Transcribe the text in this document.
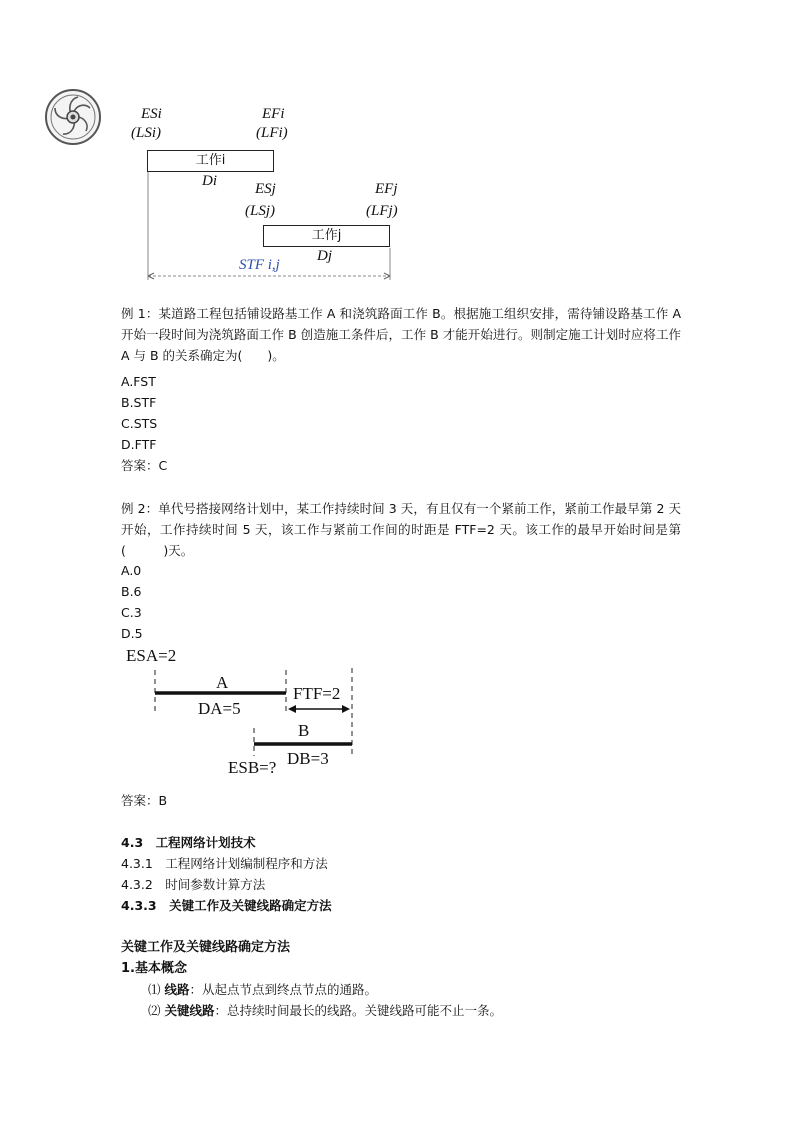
ESi
(LSi)
EFi
(LFi)
工作i
Di	ESj
(LSj)
EFj
(LFj)
工作j
Dj
STF i,j
例 1：某道路工程包括铺设路基工作 A 和浇筑路面工作 B。根据施工组织安排，需待铺设路基工作 A 开始一段时间为浇筑路面工作 B 创造施工条件后，工作 B 才能开始进行。则制定施工计划时应将工作 A 与 B 的关系确定为(　　)。
A.FST
B.STF
C.STS
D.FTF
答案：C
例 2：单代号搭接网络计划中，某工作持续时间 3 天，有且仅有一个紧前工作，紧前工作最早第 2 天开始，工作持续时间 5 天，该工作与紧前工作间的时距是 FTF=2 天。该工作的最早开始时间是第(　　　)天。
A.0
B.6
C.3
D.5
ESA=2
A
DA=5
FTF=2
B
ESB=? DB=3
答案：B
4.3　工程网络计划技术
4.3.1　工程网络计划编制程序和方法
4.3.2　时间参数计算方法
4.3.3　关键工作及关键线路确定方法
关键工作及关键线路确定方法
1.基本概念
⑴ 线路：从起点节点到终点节点的通路。
⑵ 关键线路：总持续时间最长的线路。关键线路可能不止一条。
